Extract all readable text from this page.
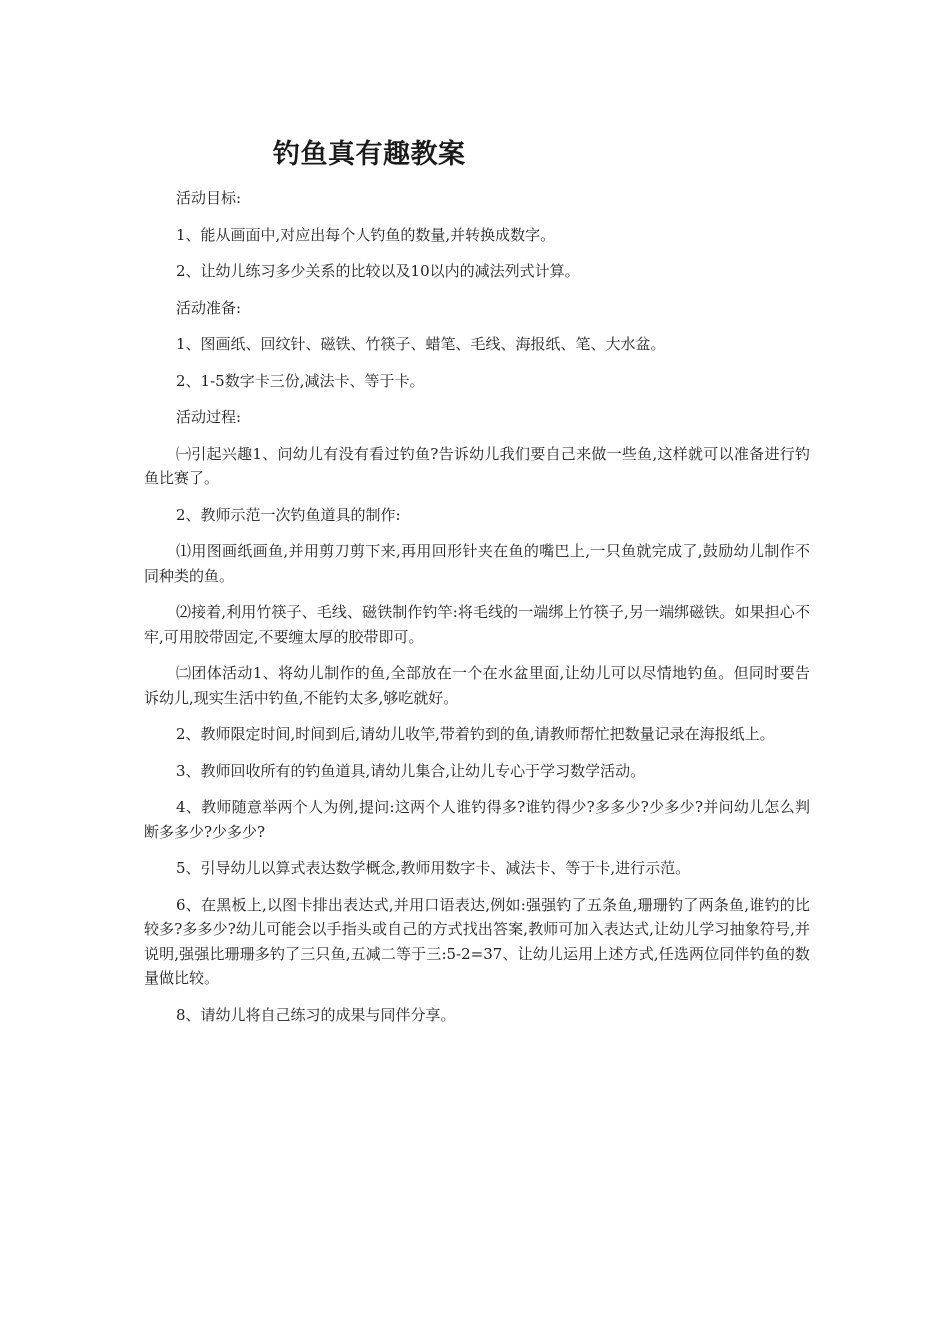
钓鱼真有趣教案

活动目标:

1、能从画面中,对应出每个人钓鱼的数量,并转换成数字。

2、让幼儿练习多少关系的比较以及10以内的减法列式计算。

活动准备:

1、图画纸、回纹针、磁铁、竹筷子、蜡笔、毛线、海报纸、笔、大水盆。

2、1-5数字卡三份,减法卡、等于卡。

活动过程:

㈠引起兴趣1、问幼儿有没有看过钓鱼?告诉幼儿我们要自己来做一些鱼,这样就可以准备进行钓鱼比赛了。

2、教师示范一次钓鱼道具的制作:

⑴用图画纸画鱼,并用剪刀剪下来,再用回形针夹在鱼的嘴巴上,一只鱼就完成了,鼓励幼儿制作不同种类的鱼。

⑵接着,利用竹筷子、毛线、磁铁制作钓竿:将毛线的一端绑上竹筷子,另一端绑磁铁。如果担心不牢,可用胶带固定,不要缠太厚的胶带即可。

㈡团体活动1、将幼儿制作的鱼,全部放在一个在水盆里面,让幼儿可以尽情地钓鱼。但同时要告诉幼儿,现实生活中钓鱼,不能钓太多,够吃就好。

2、教师限定时间,时间到后,请幼儿收竿,带着钓到的鱼,请教师帮忙把数量记录在海报纸上。

3、教师回收所有的钓鱼道具,请幼儿集合,让幼儿专心于学习数学活动。

4、教师随意举两个人为例,提问:这两个人谁钓得多?谁钓得少?多多少?少多少?并问幼儿怎么判断多多少?少多少?

5、引导幼儿以算式表达数学概念,教师用数字卡、减法卡、等于卡,进行示范。

6、在黑板上,以图卡排出表达式,并用口语表达,例如:强强钓了五条鱼,珊珊钓了两条鱼,谁钓的比较多?多多少?幼儿可能会以手指头或自己的方式找出答案,教师可加入表达式,让幼儿学习抽象符号,并说明,强强比珊珊多钓了三只鱼,五减二等于三:5-2=37、让幼儿运用上述方式,任选两位同伴钓鱼的数量做比较。

8、请幼儿将自己练习的成果与同伴分享。
